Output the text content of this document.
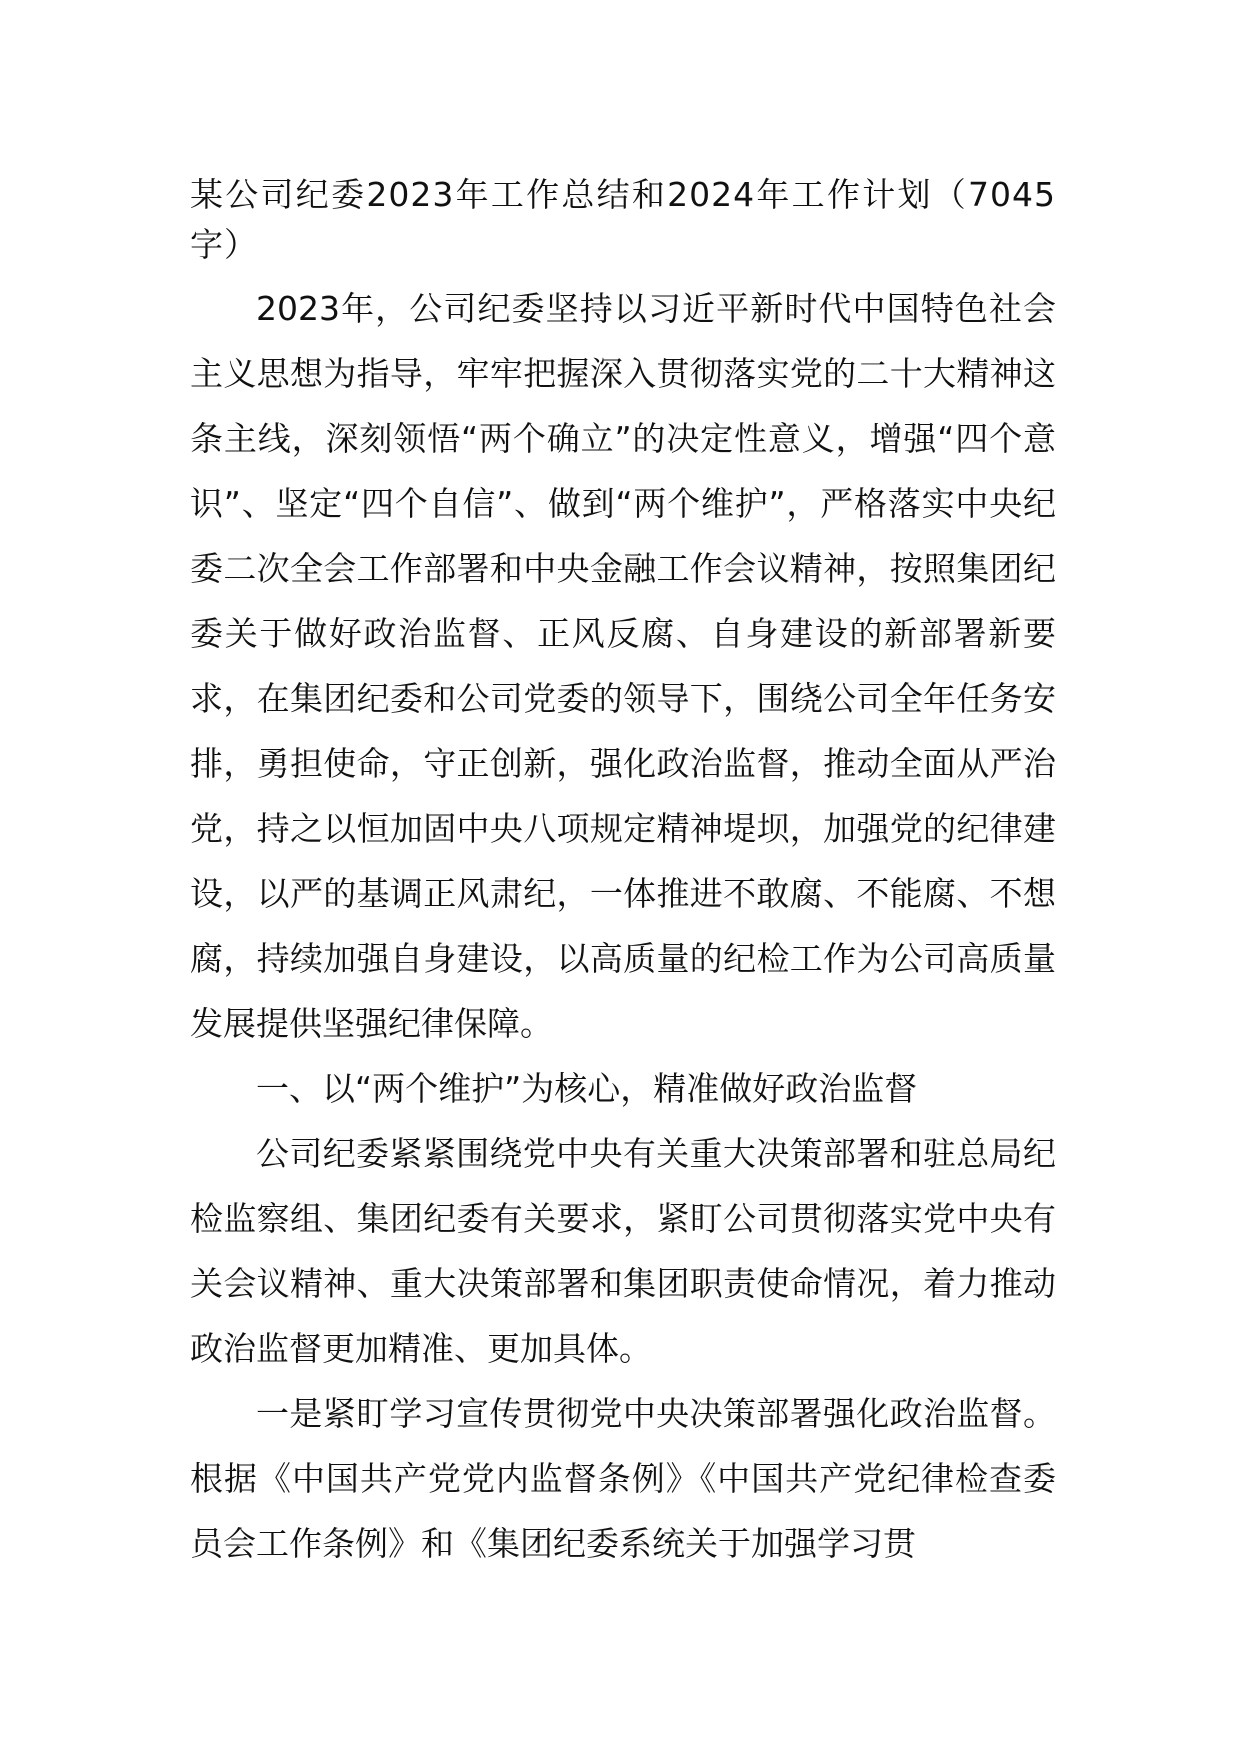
某公司纪委2023年工作总结和2024年工作计划（7045字）

2023年，公司纪委坚持以习近平新时代中国特色社会主义思想为指导，牢牢把握深入贯彻落实党的二十大精神这条主线，深刻领悟“两个确立”的决定性意义，增强“四个意识”、坚定“四个自信”、做到“两个维护”，严格落实中央纪委二次全会工作部署和中央金融工作会议精神，按照集团纪委关于做好政治监督、正风反腐、自身建设的新部署新要求，在集团纪委和公司党委的领导下，围绕公司全年任务安排，勇担使命，守正创新，强化政治监督，推动全面从严治党，持之以恒加固中央八项规定精神堤坝，加强党的纪律建设，以严的基调正风肃纪，一体推进不敢腐、不能腐、不想腐，持续加强自身建设，以高质量的纪检工作为公司高质量发展提供坚强纪律保障。

一、以“两个维护”为核心，精准做好政治监督

公司纪委紧紧围绕党中央有关重大决策部署和驻总局纪检监察组、集团纪委有关要求，紧盯公司贯彻落实党中央有关会议精神、重大决策部署和集团职责使命情况，着力推动政治监督更加精准、更加具体。

一是紧盯学习宣传贯彻党中央决策部署强化政治监督。根据《中国共产党党内监督条例》《中国共产党纪律检查委员会工作条例》和《集团纪委系统关于加强学习贯
